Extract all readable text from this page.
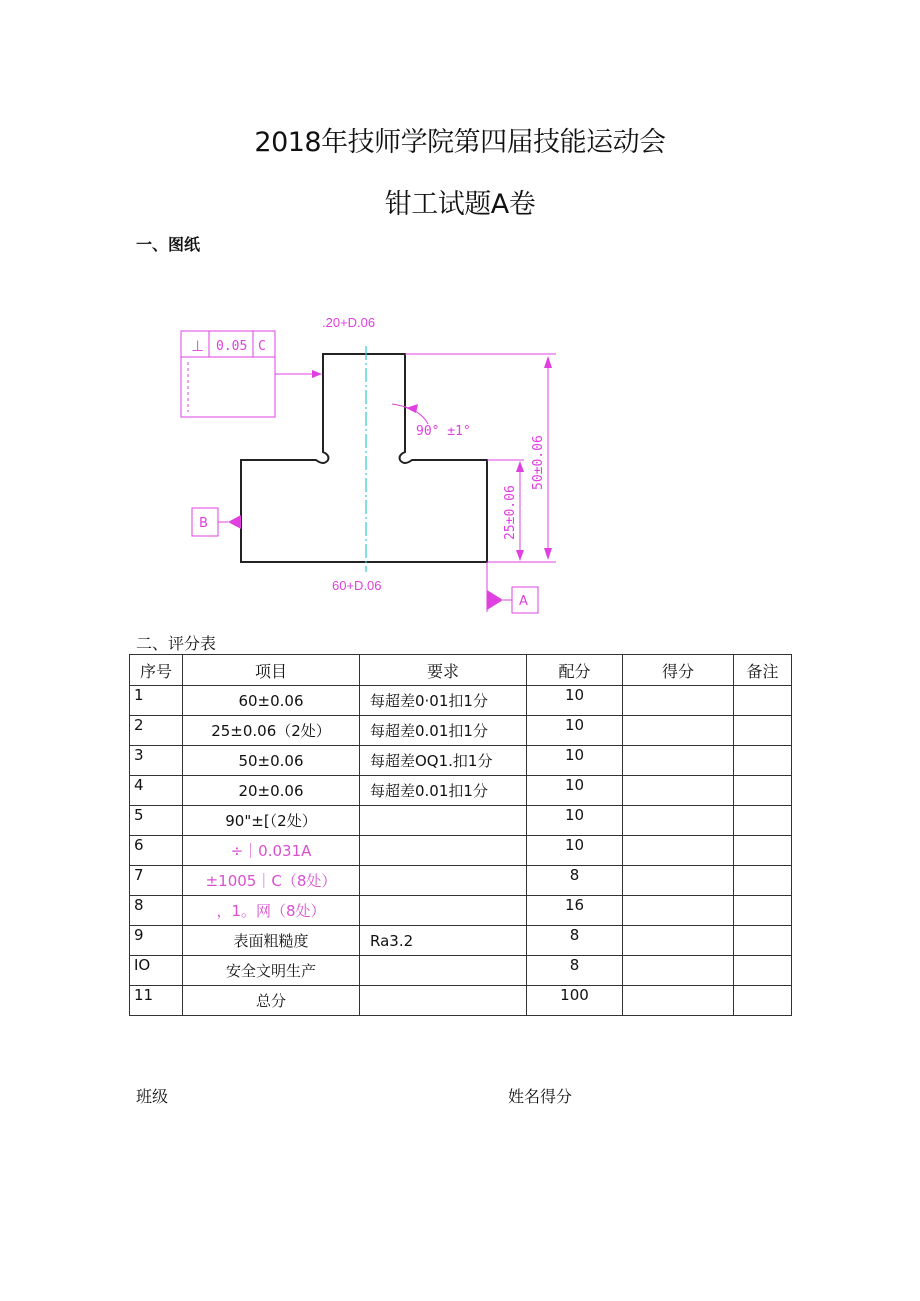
2018年技师学院第四届技能运动会
钳工试题A卷
一、图纸
.20+D.06
⊥ 0.05 C
90° ±1°
50±0.06
25±0.06
B
60+D.06
A
二、评分表
序号	项目	要求	配分	得分	备注
1	60±0.06	每超差0·01扣1分	10		
2	25±0.06（2处）	每超差0.01扣1分	10		
3	50±0.06	每超差OQ1.扣1分	10		
4	20±0.06	每超差0.01扣1分	10		
5	90"±[（2处）		10		
6	÷｜0.031A		10		
7	±1005｜C（8处）		8		
8	，1。网（8处）		16		
9	表面粗糙度	Ra3.2	8		
IO	安全文明生产		8		
11	总分		100		
班级	姓名得分
